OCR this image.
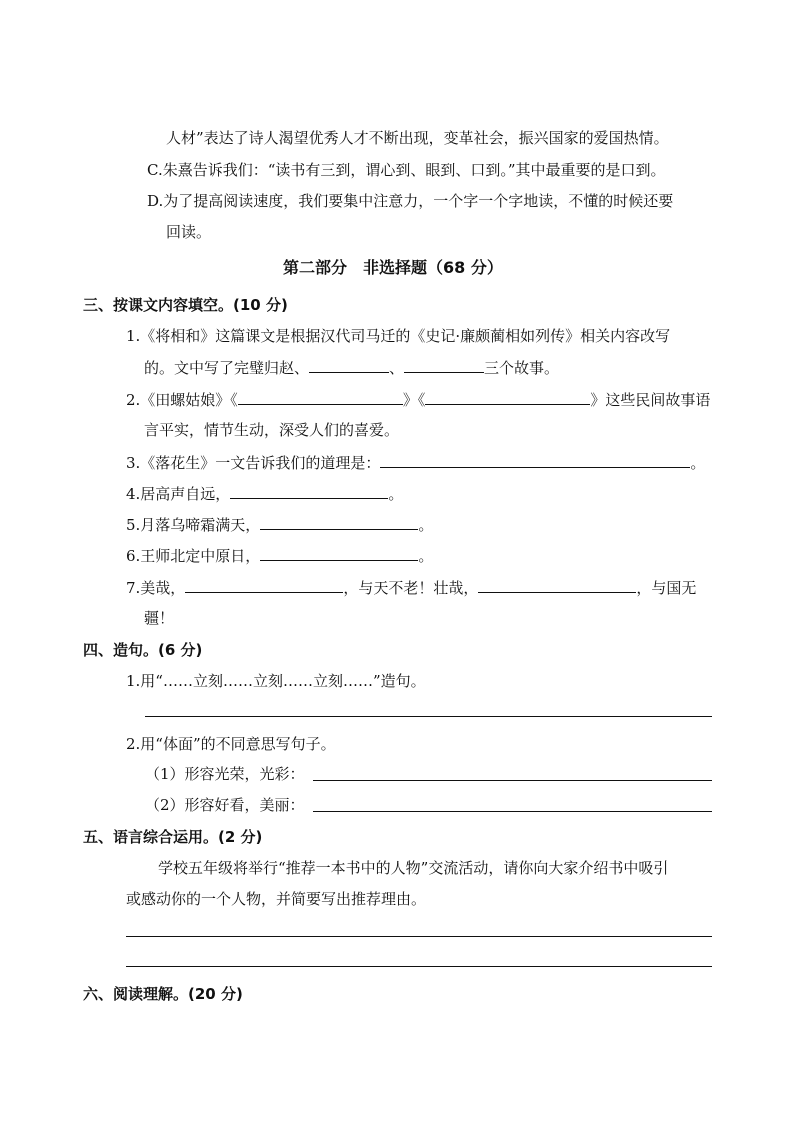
人材”表达了诗人渴望优秀人才不断出现，变革社会，振兴国家的爱国热情。
C.朱熹告诉我们：“读书有三到，谓心到、眼到、口到。”其中最重要的是口到。
D.为了提高阅读速度，我们要集中注意力，一个字一个字地读，不懂的时候还要
回读。
第二部分　非选择题（68 分）
三、按课文内容填空。(10 分)
1.《将相和》这篇课文是根据汉代司马迁的《史记·廉颇蔺相如列传》相关内容改写
的。文中写了完璧归赵、	、	三个故事。
2.《田螺姑娘》《	》《	》这些民间故事语
言平实，情节生动，深受人们的喜爱。
3.《落花生》一文告诉我们的道理是：	。
4.居高声自远，	。
5.月落乌啼霜满天，	。
6.王师北定中原日，	。
7.美哉，	，与天不老！壮哉，	，与国无
疆！
四、造句。(6 分)
1.用“……立刻……立刻……立刻……”造句。
2.用“体面”的不同意思写句子。
（1）形容光荣，光彩：
（2）形容好看，美丽：
五、语言综合运用。(2 分)
学校五年级将举行“推荐一本书中的人物”交流活动，请你向大家介绍书中吸引
或感动你的一个人物，并简要写出推荐理由。
六、阅读理解。(20 分)
